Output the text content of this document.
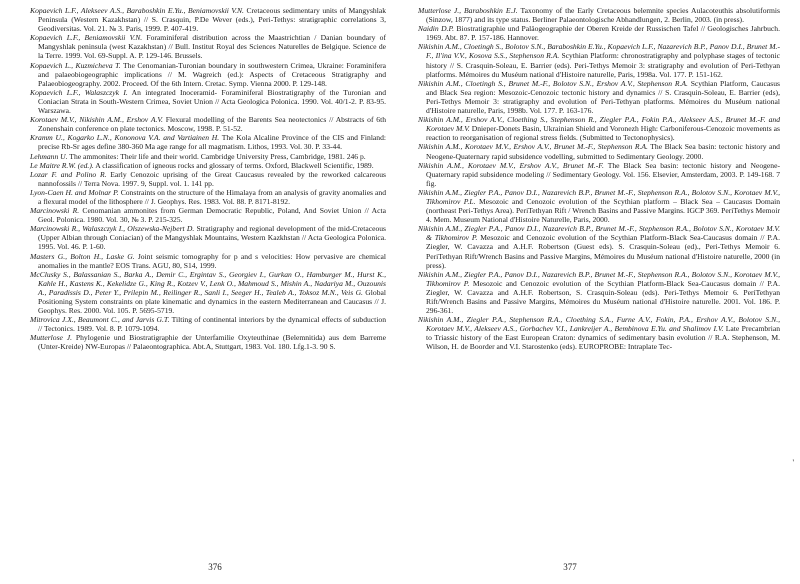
Kopaevich L.F., Alekseev A.S., Baraboshkin E.Yu., Beniamovskii V.N. Cretaceous sedimentary units of Mangyshlak Peninsula (Western Kazakhstan) // S. Crasquin, P.De Wever (eds.), Peri-Tethys: stratigraphic correlations 3, Geodiversitas. Vol. 21. № 3. Paris, 1999. P. 407-419.

Kopaevich L.F., Beniamovskii V.N. Foraminiferal distribution across the Maastrichtian / Danian boundary of Mangyshlak peninsula (west Kazakhstan) // Bull. Institut Royal des Sciences Naturelles de Belgique. Science de la Terre. 1999. Vol. 69-Suppl. A. P. 129-146. Brussels.

Kopaevich L., Kuzmicheva T. The Cenomanian-Turonian boundary in southwestern Crimea, Ukraine: Foraminifera and palaeobiogeographic implications // M. Wagreich (ed.): Aspects of Cretaceous Stratigraphy and Palaeobiogeography. 2002. Proceed. Of the 6th Intern. Cretac. Symp. Vienna 2000. P. 129-148.

Kopaevich L.F., Walaszczyk I. An integrated Inoceramid- Foraminiferal Biostratigraphy of the Turonian and Coniacian Strata in South-Western Crimea, Soviet Union // Acta Geologica Polonica. 1990. Vol. 40/1-2. P. 83-95. Warszawa.

Korotaev M.V., Nikishin A.M., Ershov A.V. Flexural modelling of the Barents Sea neotectonics // Abstracts of 6th Zonenshain conference on plate tectonics. Moscow, 1998. P. 51-52.

Kramm U., Kogarko L.N., Kononova V.A. and Vartiainen H. The Kola Alcaline Province of the CIS and Finland: precise Rb-Sr ages define 380-360 Ma age range for all magmatism. Lithos, 1993. Vol. 30. P. 33-44.

Lehmann U. The ammonites: Their life and their world. Cambridge University Press, Cambridge, 1981. 246 p.

Le Maitre R.W. (ed.). A classification of igneous rocks and glossary of terms. Oxford, Blackwell Scientific, 1989.

Lozar F. and Polino R. Early Cenozoic uprising of the Great Caucasus revealed by the reworked calcareous nannofossils // Terra Nova. 1997. 9, Suppl. vol. 1. 141 pp.

Lyon-Caen H. and Molnar P. Constraints on the structure of the Himalaya from an analysis of gravity anomalies and a flexural model of the lithosphere // J. Geophys. Res. 1983. Vol. 88. P. 8171-8192.

Marcinowski R. Cenomanian ammonites from German Democratic Republic, Poland, And Soviet Union // Acta Geol. Polonica. 1980. Vol. 30, № 3. P. 215-325.

Marcinowski R., Walaszczyk I., Olszewska-Nejbert D. Stratigraphy and regional development of the mid-Cretaceous (Upper Albian through Coniacian) of the Mangyshlak Mountains, Western Kazkhstan // Acta Geologica Polonica. 1995. Vol. 46. P. 1-60.

Masters G., Bolton H., Laske G. Joint seismic tomography for p and s velocities: How pervasive are chemical anomalies in the mantle? EOS Trans. AGU, 80, S14, 1999.

McClusky S., Balassanian S., Barka A., Demir C., Ergintav S., Georgiev I., Gurkan O., Hamburger M., Hurst K., Kahle H., Kastens K., Kekelidze G., King R., Kotzev V., Lenk O., Mahmoud S., Mishin A., Nadariya M., Ouzounis A., Paradissis D., Peter Y., Prilepin M., Reilinger R., Sanli I., Seeger H., Tealeb A., Toksoz M.N., Veis G. Global Positioning System constraints on plate kinematic and dynamics in the eastern Mediterranean and Caucasus // J. Geophys. Res. 2000. Vol. 105. P. 5695-5719.

Mitrovica J.X., Beaumont C., and Jarvis G.T. Tilting of continental interiors by the dynamical effects of subduction // Tectonics. 1989. Vol. 8. P. 1079-1094.

Mutterlose J. Phylogenie und Biostratigraphie der Unterfamilie Oxyteuthinae (Belemnitida) aus dem Barreme (Unter-Kreide) NW-Europas // Palaeontographica. Abt.A, Stuttgart, 1983. Vol. 180. Lfg.1-3. 90 S.

376

Mutterlose J., Baraboshkin E.J. Taxonomy of the Early Cretaceous belemnite species Aulacoteuthis absolutiformis (Sinzow, 1877) and its type status. Berliner Palaeontologische Abhandlungen, 2. Berlin, 2003. (in press).

Naidin D.P. Biostratigraphie und Paläogeographie der Oberen Kreide der Russischen Tafel // Geologisches Jahrbuch. 1969. Abt. 87. P. 157-186. Hannover.

Nikishin A.M., Cloetingh S., Bolotov S.N., Baraboshkin E.Yu., Kopaevich L.F., Nazarevich B.P., Panov D.I., Brunet M.-F., Il'ina V.V., Kosova S.S., Stephenson R.A. Scythian Platform: chronostratigraphy and polyphase stages of tectonic history // S. Crasquin-Soleau, E. Barrier (eds). Peri-Tethys Memoir 3: stratigraphy and evolution of Peri-Tethyan platforms. Mémoires du Muséum national d'Histoire naturelle, Paris, 1998a. Vol. 177. P. 151-162.

Nikishin A.M., Cloetingh S., Brunet M.-F., Bolotov S.N., Ershov A.V., Stephenson R.A. Scythian Platform, Caucasus and Black Sea region: Mesozoic-Cenozoic tectonic history and dynamics // S. Crasquin-Soleau, E. Barrier (eds), Peri-Tethys Memoir 3: stratigraphy and evolution of Peri-Tethyan platforms. Mémoires du Muséum national d'Histoire naturelle, Paris, 1998b. Vol. 177. P. 163-176.

Nikishin A.M., Ershov A.V., Cloething S., Stephenson R., Ziegler P.A., Fokin P.A., Alekseev A.S., Brunet M.-F. and Korotaev M.V. Dnieper-Donets Basin, Ukrainian Shield and Voronezh High: Carboniferous-Cenozoic movements as reaction to reorganisation of regional stress fields. (Submitted to Tectonophysics).

Nikishin A.M., Korotaev M.V., Ershov A.V., Brunet M.-F., Stephenson R.A. The Black Sea basin: tectonic history and Neogene-Quaternary rapid subsidence vodelling, submitted to Sedimentary Geology. 2000.

Nikishin A.M., Korotaev M.V., Ershov A.V., Brunet M.-F. The Black Sea basin: tectonic history and Neogene-Quaternary rapid subsidence modeling // Sedimentary Geology. Vol. 156. Elsevier, Amsterdam, 2003. P. 149-168. 7 fig.

Nikishin A.M., Ziegler P.A., Panov D.I., Nazarevich B.P., Brunet M.-F., Stephenson R.A., Bolotov S.N., Korotaev M.V., Tikhomirov P.L. Mesozoic and Cenozoic evolution of the Scythian platform – Black Sea – Caucasus Domain (northeast Peri-Tethys Area). PeriTethyan Rift / Wrench Basins and Passive Margins. IGCP 369. PeriTethys Memoir 4. Mem. Museum National d'Histoire Naturelle, Paris, 2000.

Nikishin A.M., Ziegler P.A., Panov D.I., Nazarevich B.P., Brunet M.-F., Stephenson R.A., Bolotov S.N., Korotaev M.V. & Tikhomirov P. Mesozoic and Cenozoic evolution of the Scythian Platform-Black Sea-Caucasus domain // P.A. Ziegler, W. Cavazza and A.H.F. Robertson (Guest eds). S. Crasquin-Soleau (ed)., Peri-Tethys Memoir 6. PeriTethyan Rift/Wrench Basins and Passive Margins, Mémoires du Muséum national d'Histoire naturelle, 2000 (in press).

Nikishin A.M., Ziegler P.A., Panov D.I., Nazarevich B.P., Brunet M.-F., Stephenson R.A., Bolotov S.N., Korotaev M.V., Tikhomirov P. Mesozoic and Cenozoic evolution of the Scythian Platform-Black Sea-Caucasus domain // P.A. Ziegler, W. Cavazza and A.H.F. Robertson, S. Crasquin-Soleau (eds). Peri-Tethys Memoir 6. PeriTethyan Rift/Wrench Basins and Passive Margins, Mémoires du Muséum national d'Histoire naturelle. 2001. Vol. 186. P. 296-361.

Nikishin A.M., Ziegler P.A., Stephenson R.A., Cloething S.A., Furne A.V., Fokin, P.A., Ershov A.V., Bolotov S.N., Korotaev M.V., Alekseev A.S., Gorbachev V.I., Lankreijer A., Bembinova E.Yu. and Shalimov I.V. Late Precambrian to Triassic history of the East European Craton: dynamics of sedimentary basin evolution // R.A. Stephenson, M. Wilson, H. de Boorder and V.I. Starostenko (eds). EUROPROBE: Intraplate Tec-

377
'
